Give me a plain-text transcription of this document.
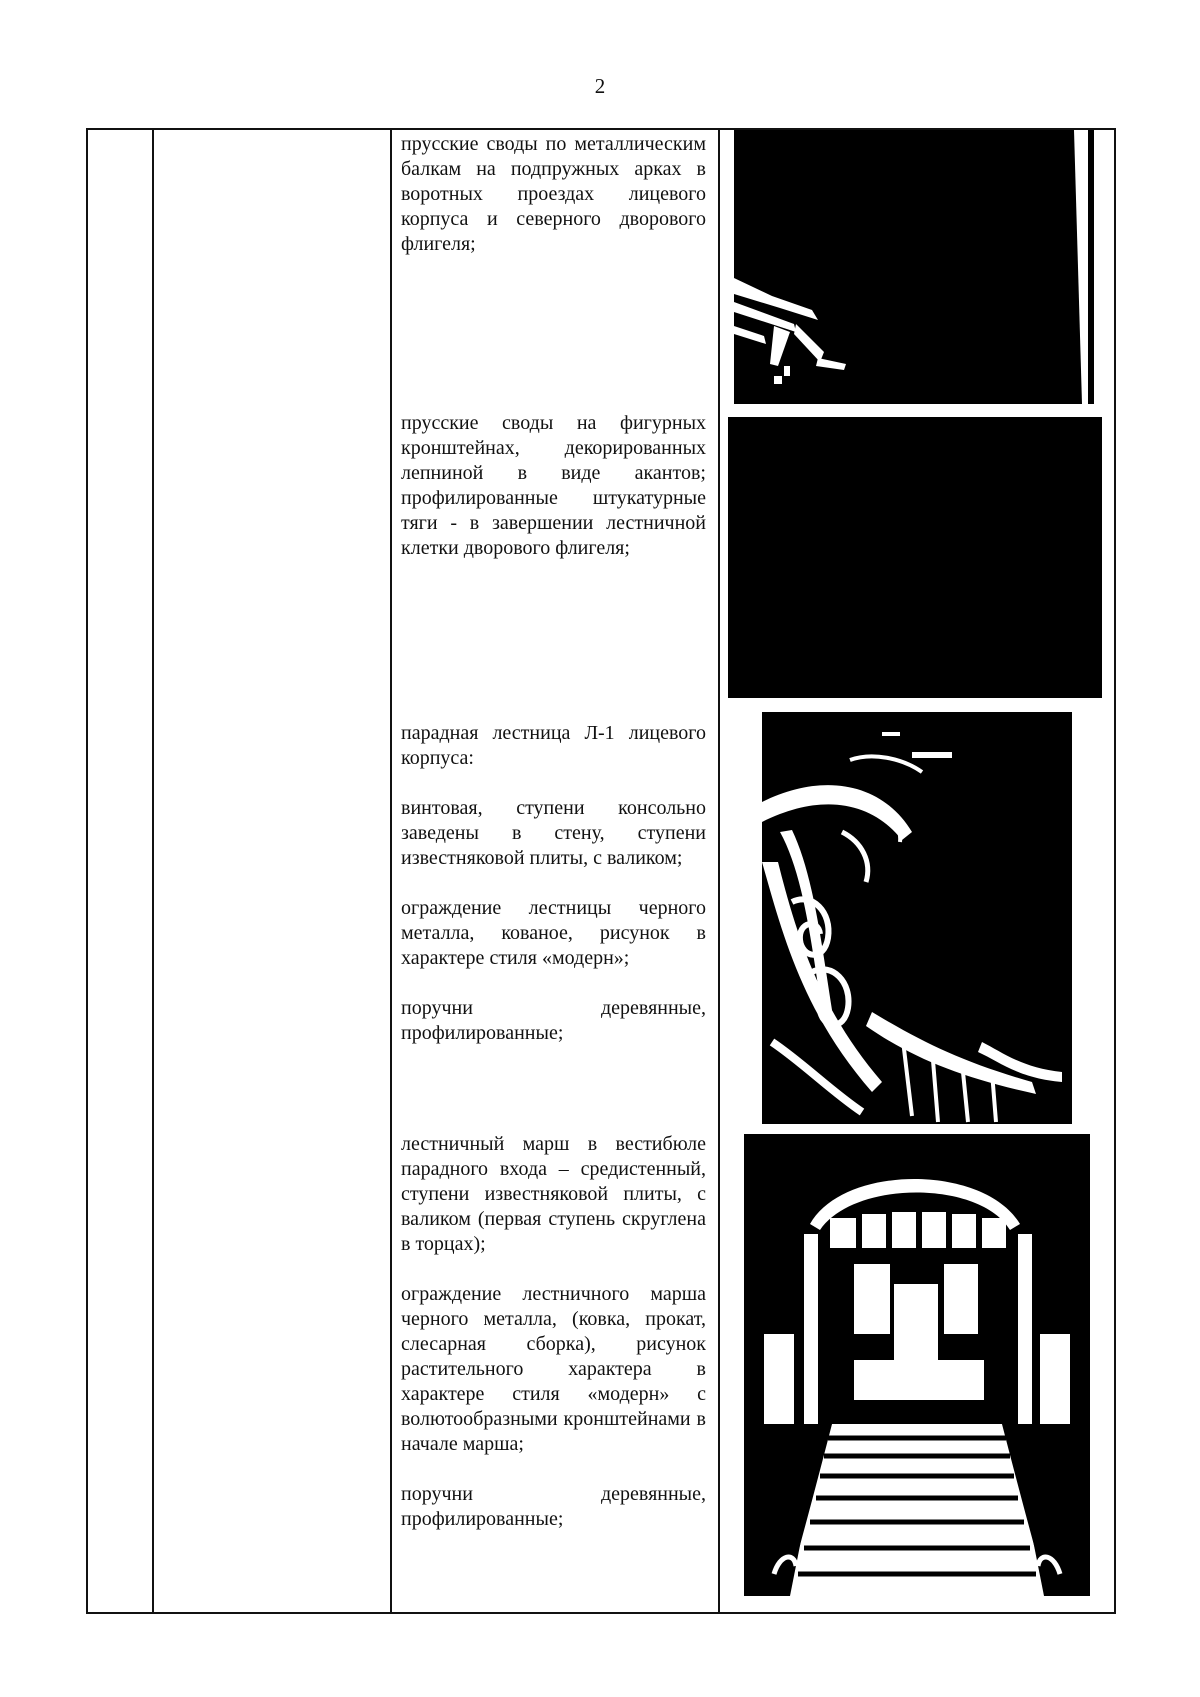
2

прусские своды по металлическим балкам на подпружных арках в воротных проездах лицевого корпуса и северного дворового флигеля;

прусские своды на фигурных кронштейнах, декорированных лепниной в виде акантов; профилированные штукатурные тяги - в завершении лестничной клетки дворового флигеля;

парадная лестница Л-1 лицевого корпуса:

винтовая, ступени консольно заведены в стену, ступени известняковой плиты, с валиком;

ограждение лестницы черного металла, кованое, рисунок в характере стиля «модерн»;

поручни деревянные, профилированные;

лестничный марш в вестибюле парадного входа – средистенный, ступени известняковой плиты, с валиком (первая ступень скруглена в торцах);

ограждение лестничного марша черного металла, (ковка, прокат, слесарная сборка), рисунок растительного характера в характере стиля «модерн» с волютообразными кронштейнами в начале марша;

поручни деревянные, профилированные;
